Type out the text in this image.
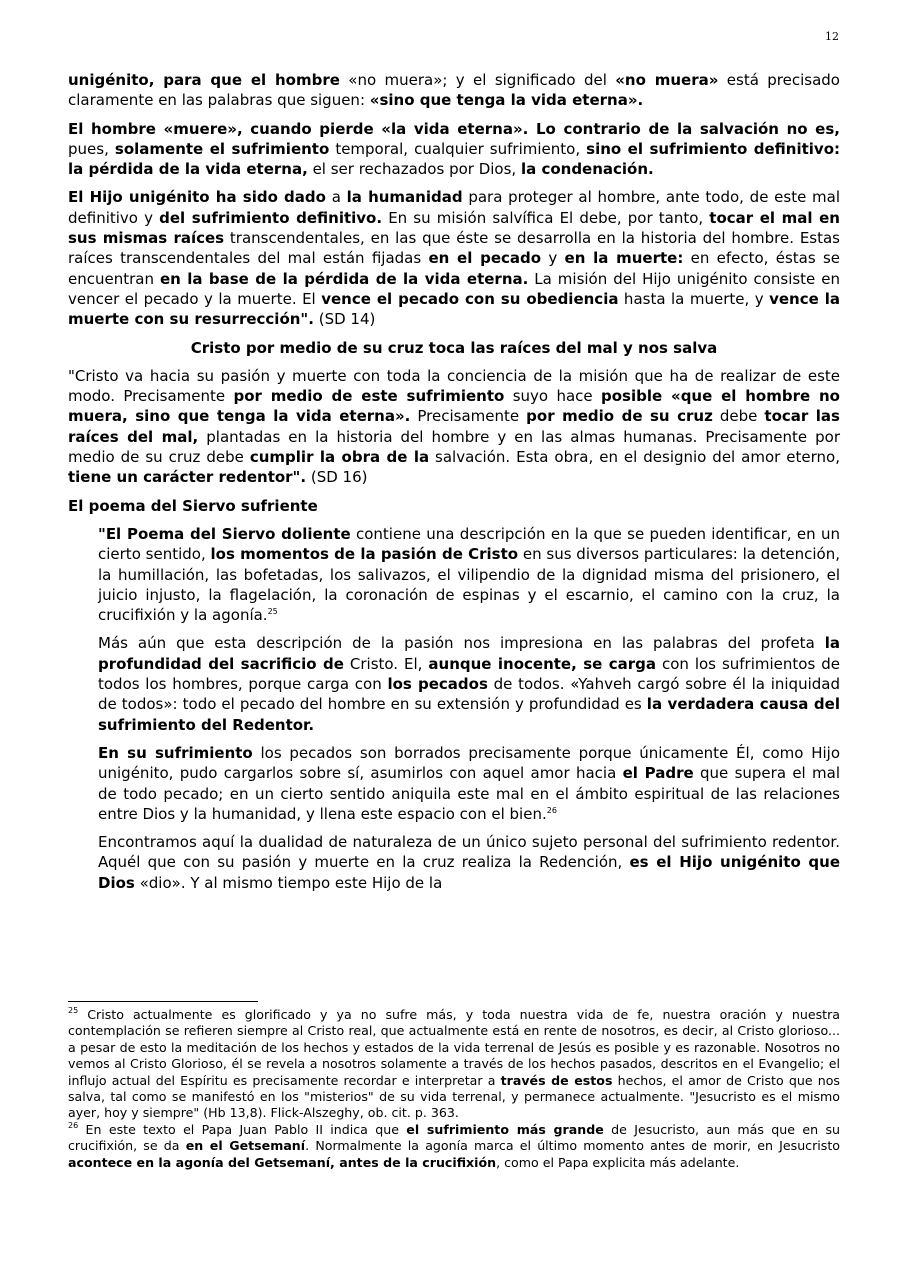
12
unigénito, para que el hombre «no muera»; y el significado del «no muera» está precisado claramente en las palabras que siguen: «sino que tenga la vida eterna».
El hombre «muere», cuando pierde «la vida eterna». Lo contrario de la salvación no es, pues, solamente el sufrimiento temporal, cualquier sufrimiento, sino el sufrimiento definitivo: la pérdida de la vida eterna, el ser rechazados por Dios, la condenación.
El Hijo unigénito ha sido dado a la humanidad para proteger al hombre, ante todo, de este mal definitivo y del sufrimiento definitivo. En su misión salvífica El debe, por tanto, tocar el mal en sus mismas raíces transcendentales, en las que éste se desarrolla en la historia del hombre. Estas raíces transcendentales del mal están fijadas en el pecado y en la muerte: en efecto, éstas se encuentran en la base de la pérdida de la vida eterna. La misión del Hijo unigénito consiste en vencer el pecado y la muerte. El vence el pecado con su obediencia hasta la muerte, y vence la muerte con su resurrección". (SD 14)
Cristo por medio de su cruz toca las raíces del mal y nos salva
"Cristo va hacia su pasión y muerte con toda la conciencia de la misión que ha de realizar de este modo. Precisamente por medio de este sufrimiento suyo hace posible «que el hombre no muera, sino que tenga la vida eterna». Precisamente por medio de su cruz debe tocar las raíces del mal, plantadas en la historia del hombre y en las almas humanas. Precisamente por medio de su cruz debe cumplir la obra de la salvación. Esta obra, en el designio del amor eterno, tiene un carácter redentor". (SD 16)
El poema del Siervo sufriente
"El Poema del Siervo doliente contiene una descripción en la que se pueden identificar, en un cierto sentido, los momentos de la pasión de Cristo en sus diversos particulares: la detención, la humillación, las bofetadas, los salivazos, el vilipendio de la dignidad misma del prisionero, el juicio injusto, la flagelación, la coronación de espinas y el escarnio, el camino con la cruz, la crucifixión y la agonía.$^{25}$
Más aún que esta descripción de la pasión nos impresiona en las palabras del profeta la profundidad del sacrificio de Cristo. El, aunque inocente, se carga con los sufrimientos de todos los hombres, porque carga con los pecados de todos. «Yahveh cargó sobre él la iniquidad de todos»: todo el pecado del hombre en su extensión y profundidad es la verdadera causa del sufrimiento del Redentor.
En su sufrimiento los pecados son borrados precisamente porque únicamente Él, como Hijo unigénito, pudo cargarlos sobre sí, asumirlos con aquel amor hacia el Padre que supera el mal de todo pecado; en un cierto sentido aniquila este mal en el ámbito espiritual de las relaciones entre Dios y la humanidad, y llena este espacio con el bien.$^{26}$
Encontramos aquí la dualidad de naturaleza de un único sujeto personal del sufrimiento redentor. Aquél que con su pasión y muerte en la cruz realiza la Redención, es el Hijo unigénito que Dios «dio». Y al mismo tiempo este Hijo de la
$^{25}$ Cristo actualmente es glorificado y ya no sufre más, y toda nuestra vida de fe, nuestra oración y nuestra contemplación se refieren siempre al Cristo real, que actualmente está en rente de nosotros, es decir, al Cristo glorioso... a pesar de esto la meditación de los hechos y estados de la vida terrenal de Jesús es posible y es razonable. Nosotros no vemos al Cristo Glorioso, él se revela a nosotros solamente a través de los hechos pasados, descritos en el Evangelio; el influjo actual del Espíritu es precisamente recordar e interpretar a través de estos hechos, el amor de Cristo que nos salva, tal como se manifestó en los "misterios" de su vida terrenal, y permanece actualmente. "Jesucristo es el mismo ayer, hoy y siempre" (Hb 13,8). Flick-Alszeghy, ob. cit. p. 363.
$^{26}$ En este texto el Papa Juan Pablo II indica que el sufrimiento más grande de Jesucristo, aun más que en su crucifixión, se da en el Getsemaní. Normalmente la agonía marca el último momento antes de morir, en Jesucristo acontece en la agonía del Getsemaní, antes de la crucifixión, como el Papa explicita más adelante.
